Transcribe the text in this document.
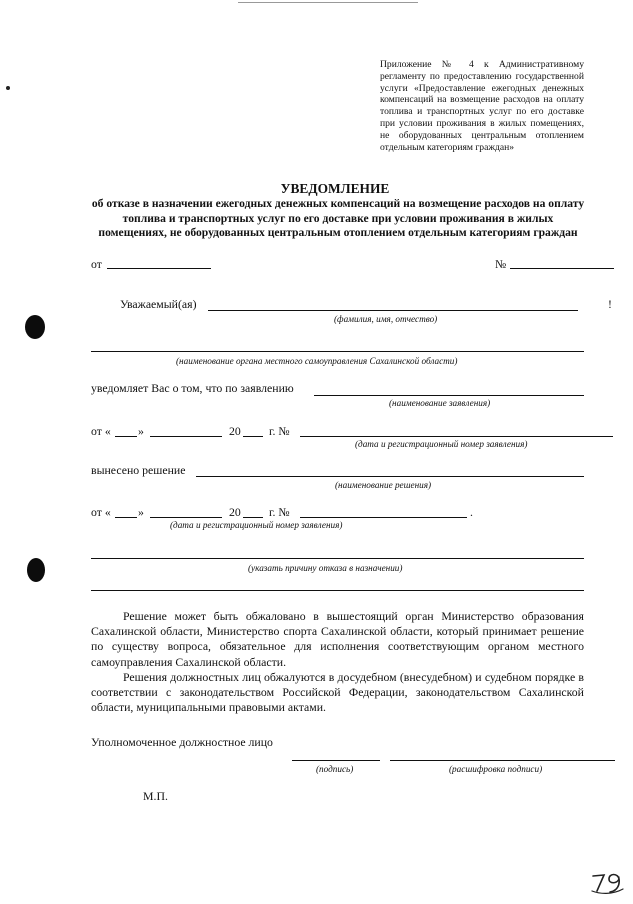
Приложение № 4 к Административному регламенту по предоставлению государственной услуги «Предоставление ежегодных денежных компенсаций на возмещение расходов на оплату топлива и транспортных услуг по его доставке при условии проживания в жилых помещениях, не оборудованных центральным отоплением отдельным категориям граждан»
УВЕДОМЛЕНИЕ
об отказе в назначении ежегодных денежных компенсаций на возмещение расходов на оплату топлива и транспортных услуг по его доставке при условии проживания в жилых помещениях, не оборудованных центральным отоплением отдельным категориям граждан
от	№
Уважаемый(ая)	!
(фамилия, имя, отчество)
(наименование органа местного самоуправления Сахалинской области)
уведомляет Вас о том, что по заявлению
(наименование заявления)
от « »	20 г. №
(дата и регистрационный номер заявления)
вынесено решение
(наименование решения)
от « »	20 г. №	.
(дата и регистрационный номер заявления)
(указать причину отказа в назначении)
Решение может быть обжаловано в вышестоящий орган Министерство образования Сахалинской области, Министерство спорта Сахалинской области, который принимает решение по существу вопроса, обязательное для исполнения соответствующим органом местного самоуправления Сахалинской области.
Решения должностных лиц обжалуются в досудебном (внесудебном) и судебном порядке в соответствии с законодательством Российской Федерации, законодательством Сахалинской области, муниципальными правовыми актами.
Уполномоченное должностное лицо
(подпись)	(расшифровка подписи)
М.П.
